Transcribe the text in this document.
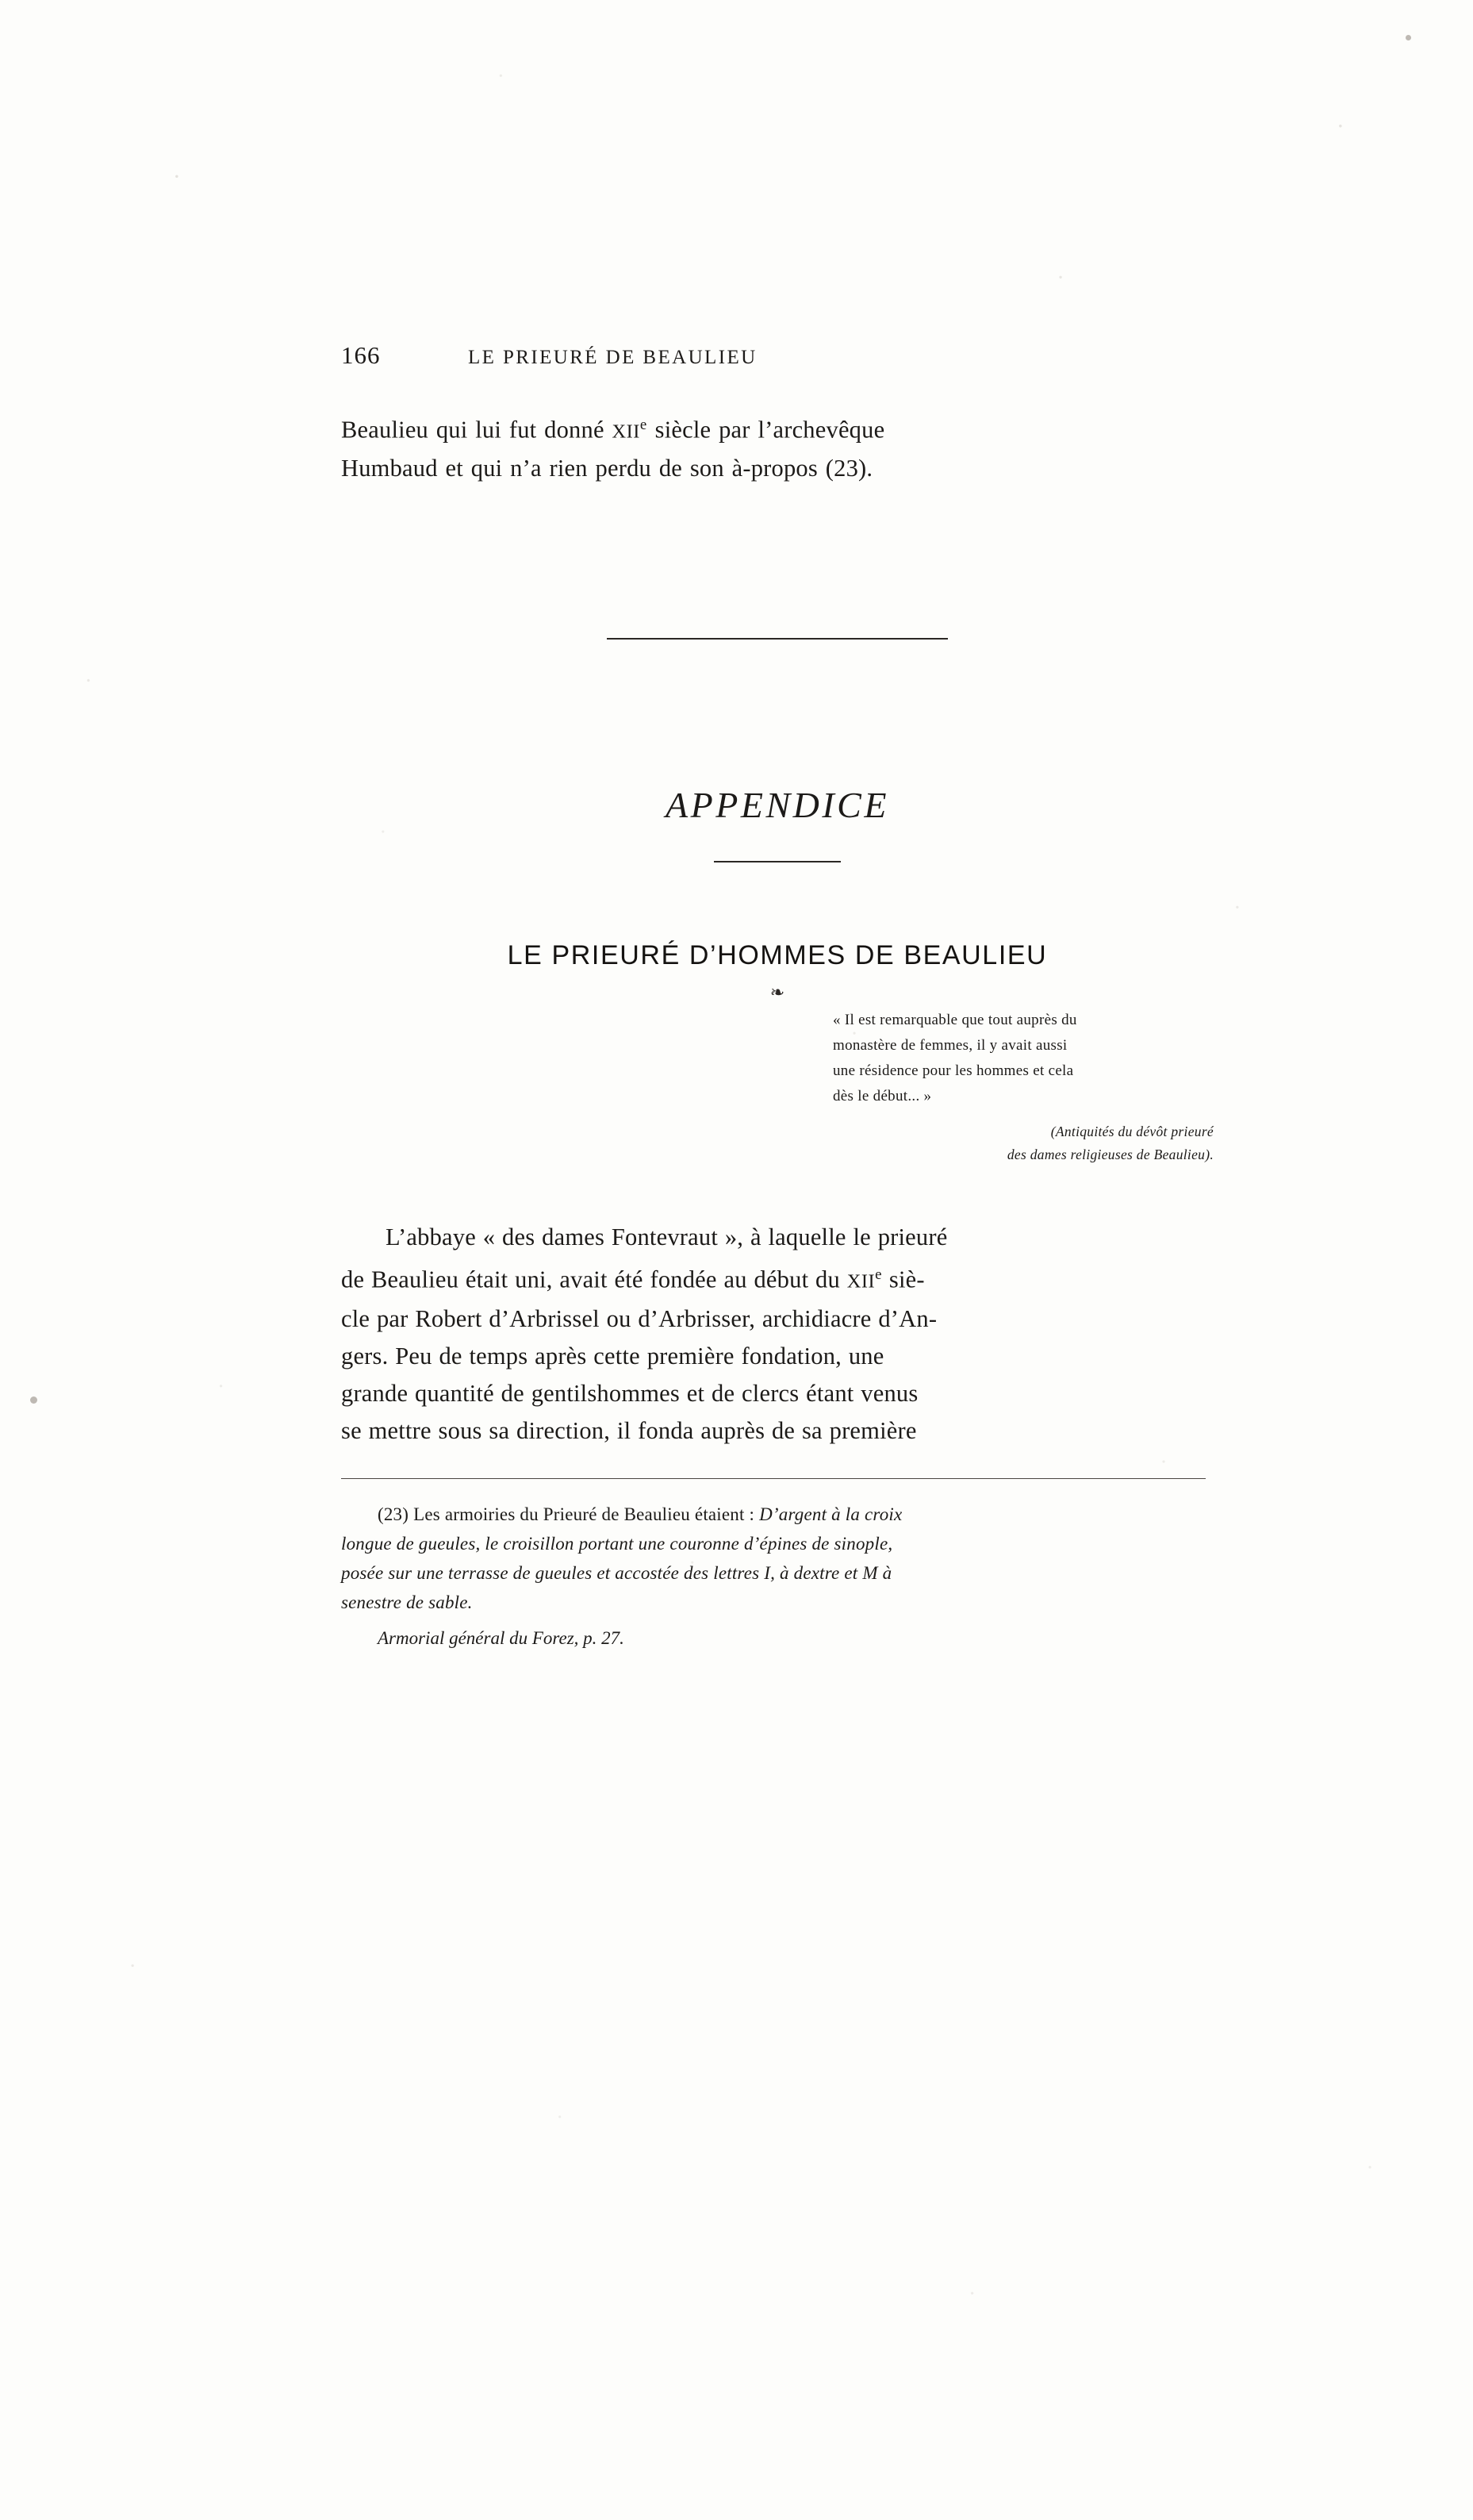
166	LE PRIEURÉ DE BEAULIEU
Beaulieu qui lui fut donné XIIe siècle par l’archevêque
Humbaud et qui n’a rien perdu de son à-propos (23).
APPENDICE
LE PRIEURÉ D’HOMMES DE BEAULIEU
❧
« Il est remarquable que tout auprès du
monastère de femmes, il y avait aussi
une résidence pour les hommes et cela
dès le début... »
(Antiquités du dévôt prieuré
des dames religieuses de Beaulieu).
L’abbaye « des dames Fontevraut », à laquelle le prieuré
de Beaulieu était uni, avait été fondée au début du XIIe siè-
cle par Robert d’Arbrissel ou d’Arbrisser, archidiacre d’An-
gers. Peu de temps après cette première fondation, une
grande quantité de gentilshommes et de clercs étant venus
se mettre sous sa direction, il fonda auprès de sa première
(23) Les armoiries du Prieuré de Beaulieu étaient : D’argent à la croix
longue de gueules, le croisillon portant une couronne d’épines de sinople,
posée sur une terrasse de gueules et accostée des lettres I, à dextre et M à
senestre de sable.
Armorial général du Forez, p. 27.
